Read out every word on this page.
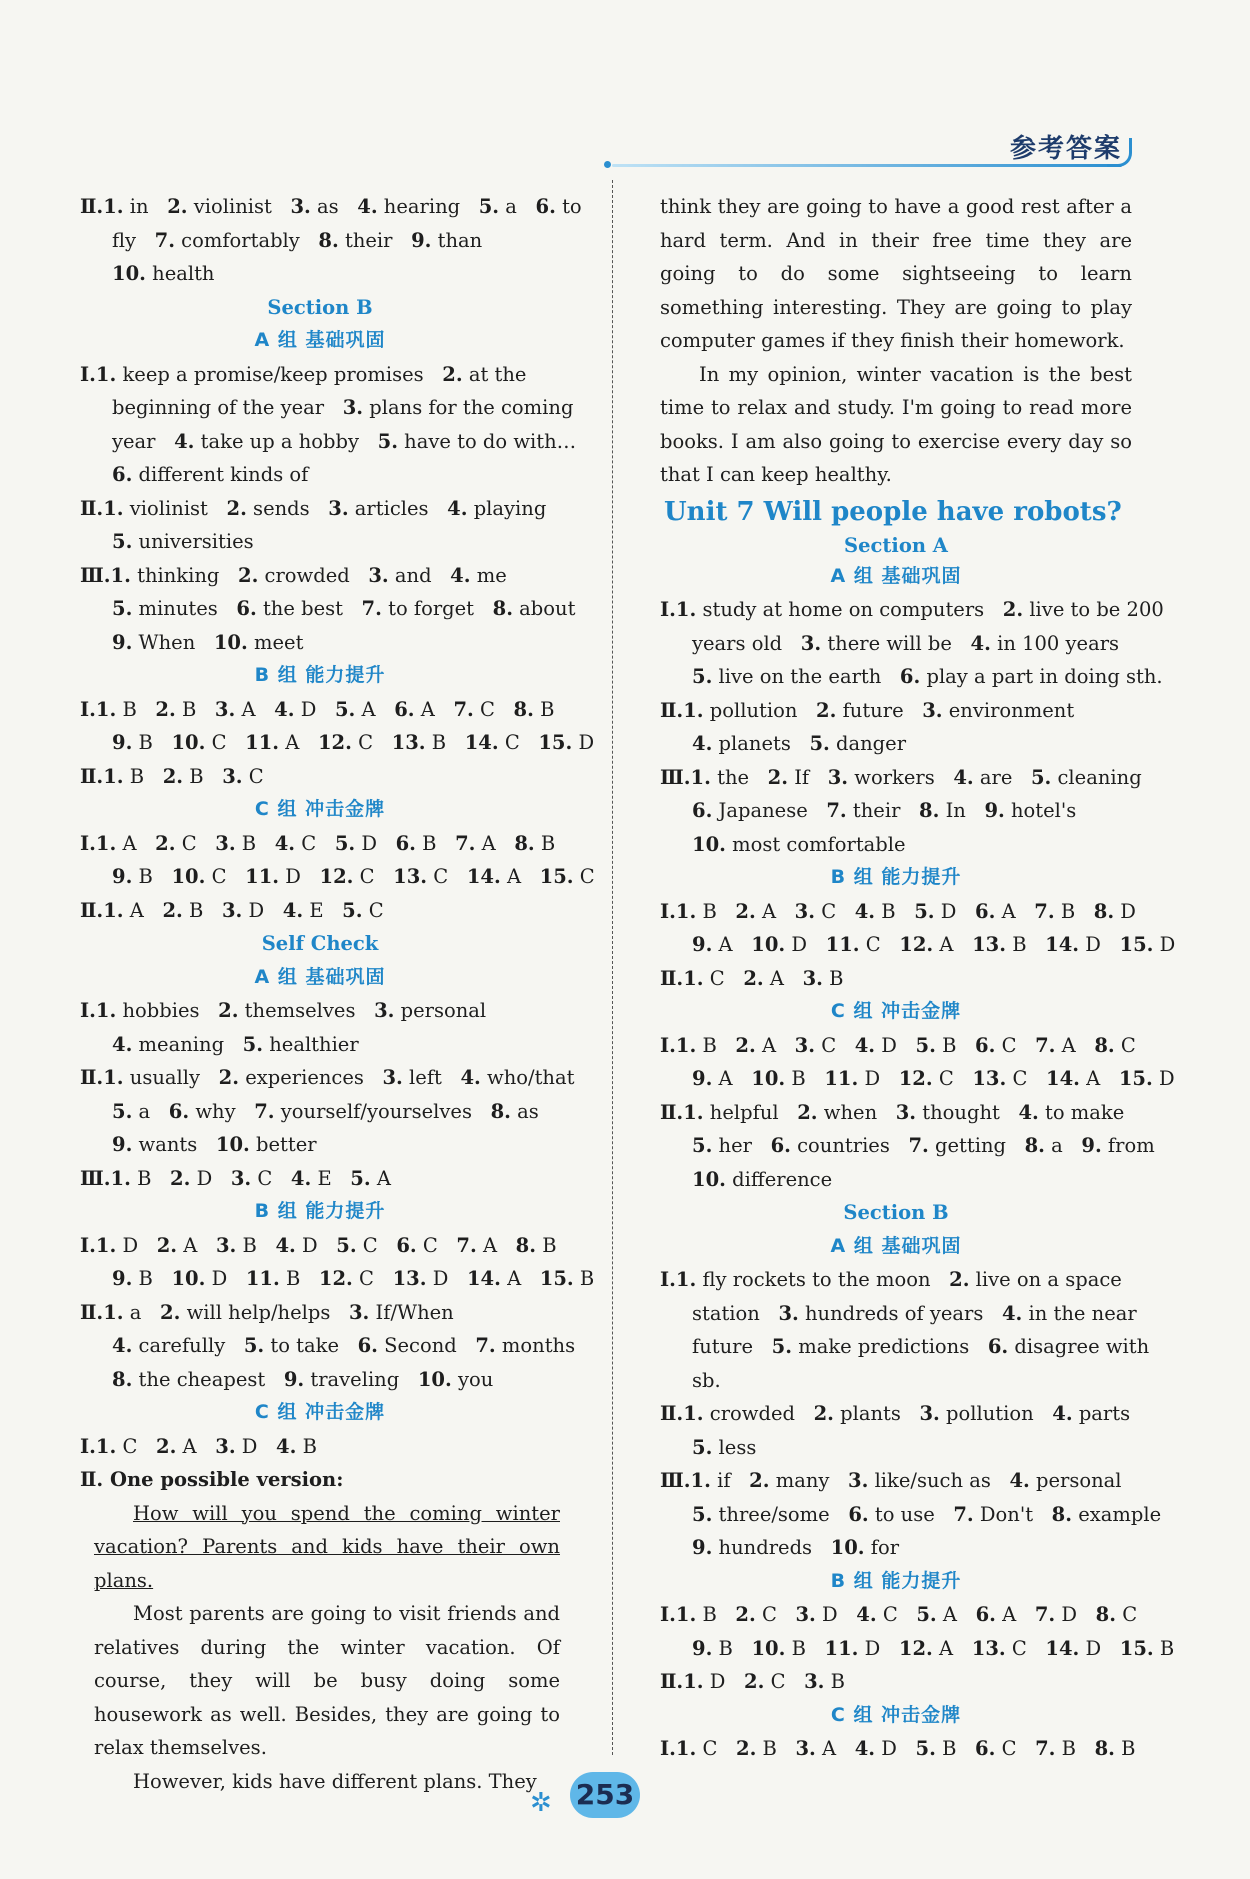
参考答案
Ⅱ.1. in   2. violinist   3. as   4. hearing   5. a   6. to
fly   7. comfortably   8. their   9. than
10. health
Section B
A 组 基础巩固
Ⅰ.1. keep a promise/keep promises   2. at the
beginning of the year   3. plans for the coming
year   4. take up a hobby   5. have to do with…
6. different kinds of
Ⅱ.1. violinist   2. sends   3. articles   4. playing
5. universities
Ⅲ.1. thinking   2. crowded   3. and   4. me
5. minutes   6. the best   7. to forget   8. about
9. When   10. meet
B 组 能力提升
Ⅰ.1. B   2. B   3. A   4. D   5. A   6. A   7. C   8. B
9. B   10. C   11. A   12. C   13. B   14. C   15. D
Ⅱ.1. B   2. B   3. C
C 组 冲击金牌
Ⅰ.1. A   2. C   3. B   4. C   5. D   6. B   7. A   8. B
9. B   10. C   11. D   12. C   13. C   14. A   15. C
Ⅱ.1. A   2. B   3. D   4. E   5. C
Self Check
A 组 基础巩固
Ⅰ.1. hobbies   2. themselves   3. personal
4. meaning   5. healthier
Ⅱ.1. usually   2. experiences   3. left   4. who/that
5. a   6. why   7. yourself/yourselves   8. as
9. wants   10. better
Ⅲ.1. B   2. D   3. C   4. E   5. A
B 组 能力提升
Ⅰ.1. D   2. A   3. B   4. D   5. C   6. C   7. A   8. B
9. B   10. D   11. B   12. C   13. D   14. A   15. B
Ⅱ.1. a   2. will help/helps   3. If/When
4. carefully   5. to take   6. Second   7. months
8. the cheapest   9. traveling   10. you
C 组 冲击金牌
Ⅰ.1. C   2. A   3. D   4. B
Ⅱ. One possible version:

How will you spend the coming winter vacation? Parents and kids have their own plans.

Most parents are going to visit friends and relatives during the winter vacation. Of course, they will be busy doing some housework as well. Besides, they are going to relax themselves.

However, kids have different plans. They

think they are going to have a good rest after a hard term. And in their free time they are going to do some sightseeing to learn something interesting. They are going to play computer games if they finish their homework.

In my opinion, winter vacation is the best time to relax and study. I'm going to read more books. I am also going to exercise every day so that I can keep healthy.

Unit 7 Will people have robots?
Section A
A 组 基础巩固
Ⅰ.1. study at home on computers   2. live to be 200
years old   3. there will be   4. in 100 years
5. live on the earth   6. play a part in doing sth.
Ⅱ.1. pollution   2. future   3. environment
4. planets   5. danger
Ⅲ.1. the   2. If   3. workers   4. are   5. cleaning
6. Japanese   7. their   8. In   9. hotel's
10. most comfortable
B 组 能力提升
Ⅰ.1. B   2. A   3. C   4. B   5. D   6. A   7. B   8. D
9. A   10. D   11. C   12. A   13. B   14. D   15. D
Ⅱ.1. C   2. A   3. B
C 组 冲击金牌
Ⅰ.1. B   2. A   3. C   4. D   5. B   6. C   7. A   8. C
9. A   10. B   11. D   12. C   13. C   14. A   15. D
Ⅱ.1. helpful   2. when   3. thought   4. to make
5. her   6. countries   7. getting   8. a   9. from
10. difference
Section B
A 组 基础巩固
Ⅰ.1. fly rockets to the moon   2. live on a space
station   3. hundreds of years   4. in the near
future   5. make predictions   6. disagree with
sb.
Ⅱ.1. crowded   2. plants   3. pollution   4. parts
5. less
Ⅲ.1. if   2. many   3. like/such as   4. personal
5. three/some   6. to use   7. Don't   8. example
9. hundreds   10. for
B 组 能力提升
Ⅰ.1. B   2. C   3. D   4. C   5. A   6. A   7. D   8. C
9. B   10. B   11. D   12. A   13. C   14. D   15. B
Ⅱ.1. D   2. C   3. B
C 组 冲击金牌
Ⅰ.1. C   2. B   3. A   4. D   5. B   6. C   7. B   8. B
✲ 253
